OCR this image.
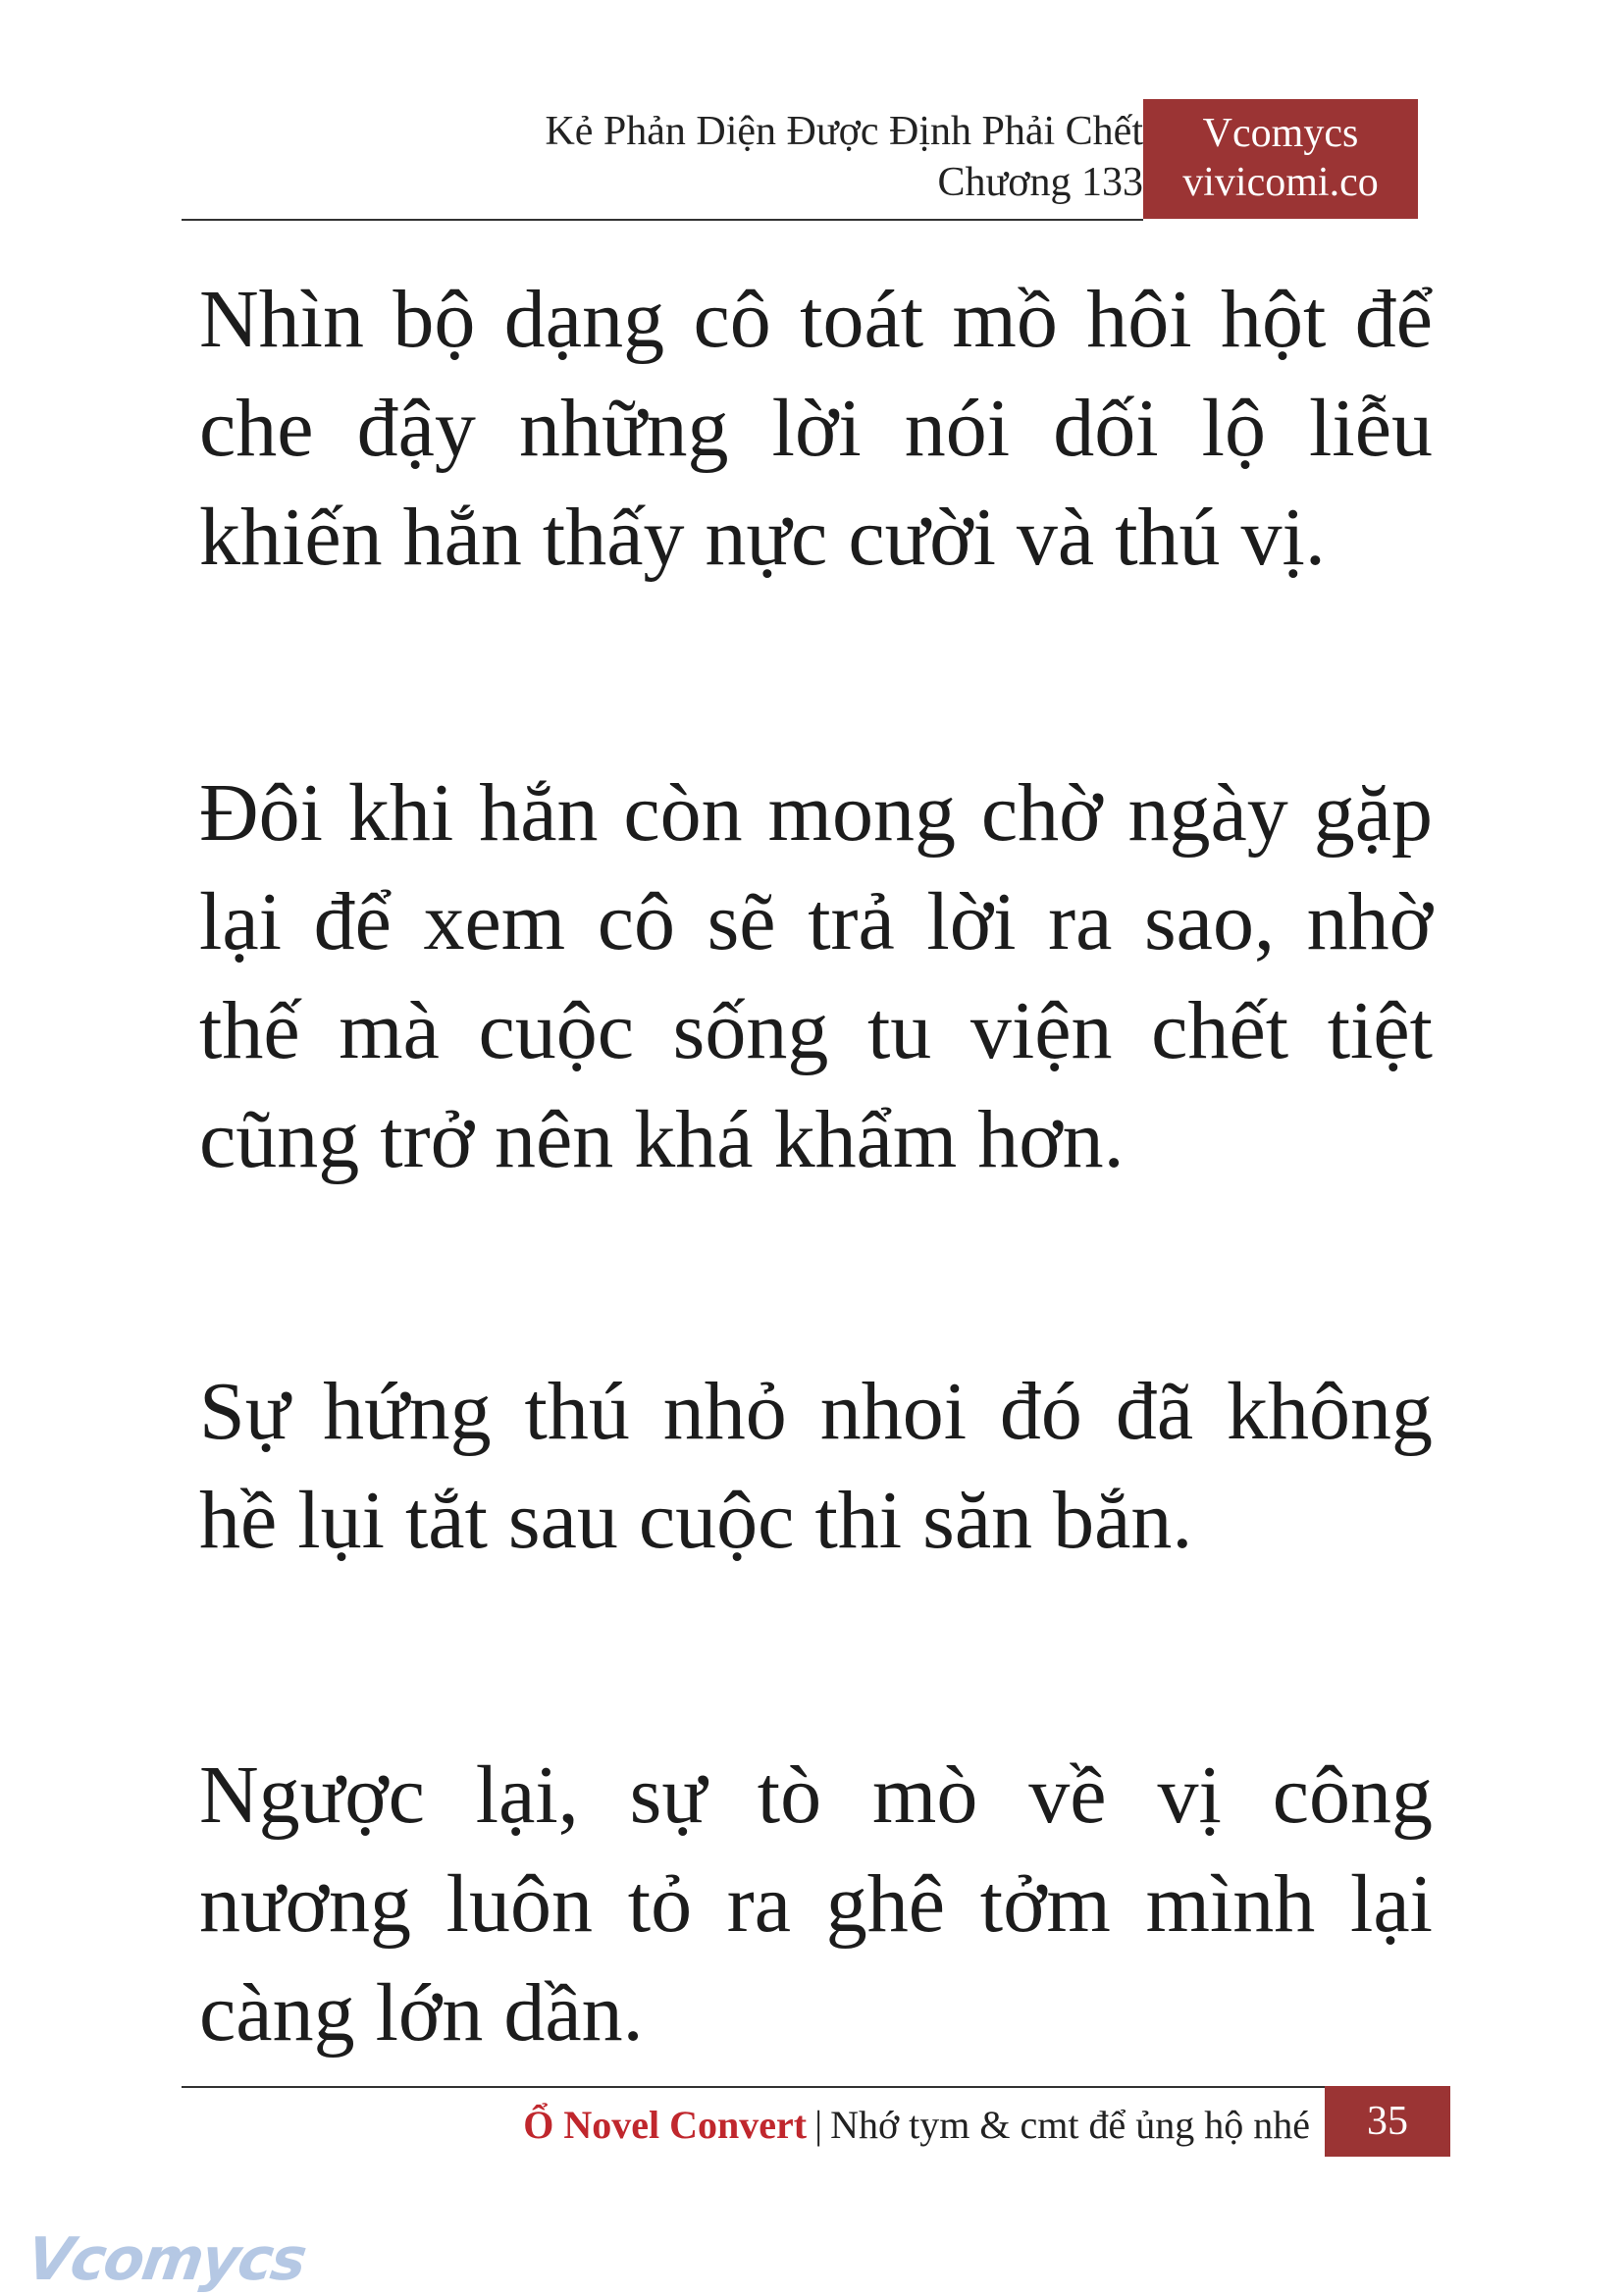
Kẻ Phản Diện Được Định Phải Chết
Chương 133
Vcomycs
vivicomi.co

Nhìn bộ dạng cô toát mồ hôi hột để che đậy những lời nói dối lộ liễu khiến hắn thấy nực cười và thú vị.

Đôi khi hắn còn mong chờ ngày gặp lại để xem cô sẽ trả lời ra sao, nhờ thế mà cuộc sống tu viện chết tiệt cũng trở nên khá khẩm hơn.

Sự hứng thú nhỏ nhoi đó đã không hề lụi tắt sau cuộc thi săn bắn.

Ngược lại, sự tò mò về vị công nương luôn tỏ ra ghê tởm mình lại càng lớn dần.

Ổ Novel Convert | Nhớ tym & cmt để ủng hộ nhé	35
Vcomycs
